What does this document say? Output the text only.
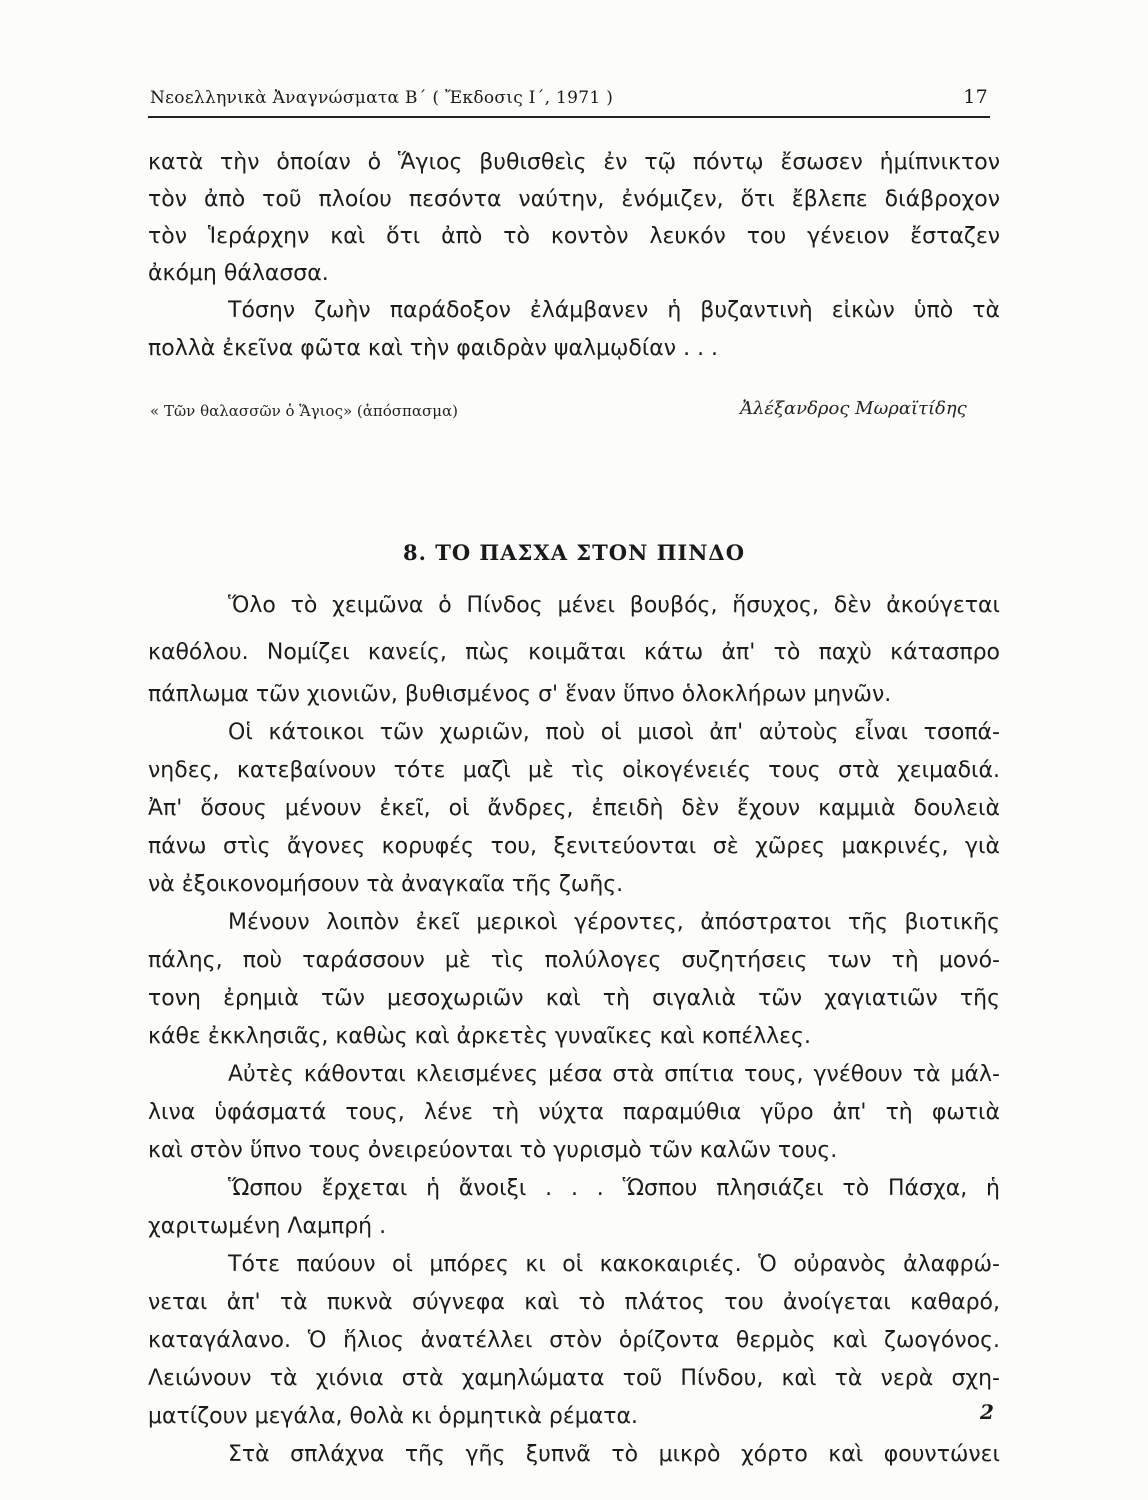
Νεοελληνικὰ Ἀναγνώσματα Β΄ ( Ἔκδοσις Ι΄, 1971 )	17
κατὰ τὴν ὁποίαν ὁ Ἅγιος βυθισθεὶς ἐν τῷ πόντῳ ἔσωσεν ἡμίπνικτον
τὸν ἀπὸ τοῦ πλοίου πεσόντα ναύτην, ἐνόμιζεν, ὅτι ἔβλεπε διάβροχον
τὸν Ἱεράρχην καὶ ὅτι ἀπὸ τὸ κοντὸν λευκόν του γένειον ἔσταζεν
ἀκόμη θάλασσα.
Τόσην ζωὴν παράδοξον ἐλάμβανεν ἡ βυζαντινὴ εἰκὼν ὑπὸ τὰ
πολλὰ ἐκεῖνα φῶτα καὶ τὴν φαιδρὰν ψαλμῳδίαν . . .
« Τῶν θαλασσῶν ὁ Ἅγιος» (ἀπόσπασμα)	Ἀλέξανδρος Μωραϊτίδης
8. ΤΟ ΠΑΣΧΑ ΣΤΟΝ ΠΙΝΔΟ
Ὅλο τὸ χειμῶνα ὁ Πίνδος μένει βουβός, ἥσυχος, δὲν ἀκούγεται
καθόλου. Νομίζει κανείς, πὼς κοιμᾶται κάτω ἀπ' τὸ παχὺ κάτασπρο
πάπλωμα τῶν χιονιῶν, βυθισμένος σ' ἕναν ὕπνο ὁλοκλήρων μηνῶν.
Οἱ κάτοικοι τῶν χωριῶν, ποὺ οἱ μισοὶ ἀπ' αὐτοὺς εἶναι τσοπά-
νηδες, κατεβαίνουν τότε μαζὶ μὲ τὶς οἰκογένειές τους στὰ χειμαδιά.
Ἀπ' ὅσους μένουν ἐκεῖ, οἱ ἄνδρες, ἐπειδὴ δὲν ἔχουν καμμιὰ δουλειὰ
πάνω στὶς ἄγονες κορυφές του, ξενιτεύονται σὲ χῶρες μακρινές, γιὰ
νὰ ἐξοικονομήσουν τὰ ἀναγκαῖα τῆς ζωῆς.
Μένουν λοιπὸν ἐκεῖ μερικοὶ γέροντες, ἀπόστρατοι τῆς βιοτικῆς
πάλης, ποὺ ταράσσουν μὲ τὶς πολύλογες συζητήσεις των τὴ μονό-
τονη ἐρημιὰ τῶν μεσοχωριῶν καὶ τὴ σιγαλιὰ τῶν χαγιατιῶν τῆς
κάθε ἐκκλησιᾶς, καθὼς καὶ ἀρκετὲς γυναῖκες καὶ κοπέλλες.
Αὐτὲς κάθονται κλεισμένες μέσα στὰ σπίτια τους, γνέθουν τὰ μάλ-
λινα ὑφάσματά τους, λένε τὴ νύχτα παραμύθια γῦρο ἀπ' τὴ φωτιὰ
καὶ στὸν ὕπνο τους ὀνειρεύονται τὸ γυρισμὸ τῶν καλῶν τους.
Ὥσπου ἔρχεται ἡ ἄνοιξι . . . Ὥσπου πλησιάζει τὸ Πάσχα, ἡ
χαριτωμένη Λαμπρή .
Τότε παύουν οἱ μπόρες κι οἱ κακοκαιριές. Ὁ οὐρανὸς ἀλαφρώ-
νεται ἀπ' τὰ πυκνὰ σύγνεφα καὶ τὸ πλάτος του ἀνοίγεται καθαρό,
καταγάλανο. Ὁ ἥλιος ἀνατέλλει στὸν ὁρίζοντα θερμὸς καὶ ζωογόνος.
Λειώνουν τὰ χιόνια στὰ χαμηλώματα τοῦ Πίνδου, καὶ τὰ νερὰ σχη-
ματίζουν μεγάλα, θολὰ κι ὁρμητικὰ ρέματα.
Στὰ σπλάχνα τῆς γῆς ξυπνᾶ τὸ μικρὸ χόρτο καὶ φουντώνει
2
